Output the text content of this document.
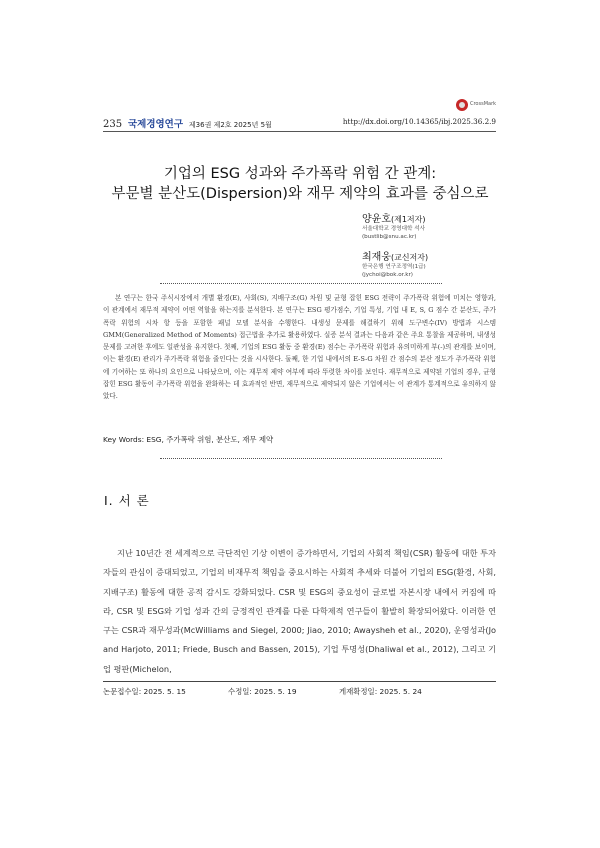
CrossMark
235 국제경영연구 제36권 제2호 2025년 5월	http://dx.doi.org/10.14365/ibj.2025.36.2.9
기업의 ESG 성과와 주가폭락 위험 간 관계:
부문별 분산도(Dispersion)와 재무 제약의 효과를 중심으로
양윤호(제1저자)
서울대학교 경영대학 석사
(bustlib@snu.ac.kr)
최재웅(교신저자)
한국은행 연구조정역(1급)
(jychoi@bok.or.kr)
본 연구는 한국 주식시장에서 개별 환경(E), 사회(S), 지배구조(G) 차원 및 균형 잡힌 ESG 전략이 주가폭락 위험에 미치는 영향과, 이 관계에서 재무적 제약이 어떤 역할을 하는지를 분석한다. 본 연구는 ESG 평가점수, 기업 특성, 기업 내 E, S, G 점수 간 분산도, 주가폭락 위험의 시차 항 등을 포함한 패널 모델 분석을 수행한다. 내생성 문제를 해결하기 위해 도구변수(IV) 방법과 시스템 GMM(Generalized Method of Moments) 접근법을 추가로 활용하였다. 실증 분석 결과는 다음과 같은 주요 통찰을 제공하며, 내생성 문제를 고려한 후에도 일관성을 유지한다. 첫째, 기업의 ESG 활동 중 환경(E) 점수는 주가폭락 위험과 유의미하게 부(-)의 관계를 보이며, 이는 환경(E) 관리가 주가폭락 위험을 줄인다는 것을 시사한다. 둘째, 한 기업 내에서의 E-S-G 차원 간 점수의 분산 정도가 주가폭락 위험에 기여하는 또 하나의 요인으로 나타났으며, 이는 재무적 제약 여부에 따라 뚜렷한 차이를 보인다. 재무적으로 제약된 기업의 경우, 균형 잡힌 ESG 활동이 주가폭락 위험을 완화하는 데 효과적인 반면, 재무적으로 제약되지 않은 기업에서는 이 관계가 통계적으로 유의하지 않았다.
Key Words: ESG, 주가폭락 위험, 분산도, 재무 제약
Ⅰ. 서 론
지난 10년간 전 세계적으로 극단적인 기상 이변이 증가하면서, 기업의 사회적 책임(CSR) 활동에 대한 투자자들의 관심이 증대되었고, 기업의 비재무적 책임을 중요시하는 사회적 추세와 더불어 기업의 ESG(환경, 사회, 지배구조) 활동에 대한 공적 감시도 강화되었다. CSR 및 ESG의 중요성이 글로벌 자본시장 내에서 커짐에 따라, CSR 및 ESG와 기업 성과 간의 긍정적인 관계를 다룬 다학제적 연구들이 활발히 확장되어왔다. 이러한 연구는 CSR과 재무성과(McWilliams and Siegel, 2000; Jiao, 2010; Awaysheh et al., 2020), 운영성과(Jo and Harjoto, 2011; Friede, Busch and Bassen, 2015), 기업 투명성(Dhaliwal et al., 2012), 그리고 기업 평판(Michelon,
논문접수일: 2025. 5. 15	수정일: 2025. 5. 19	게재확정일: 2025. 5. 24
